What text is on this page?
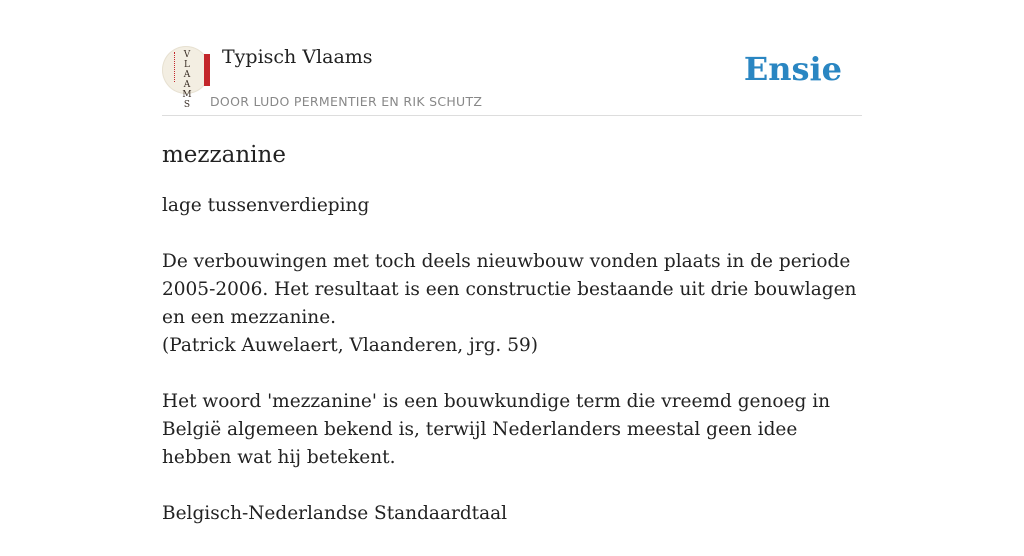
V
L
A
A
M
S
Typisch Vlaams
DOOR LUDO PERMENTIER EN RIK SCHUTZ
Ensie
mezzanine

lage tussenverdieping

De verbouwingen met toch deels nieuwbouw vonden plaats in de periode 2005-2006. Het resultaat is een constructie bestaande uit drie bouwlagen en een mezzanine.
(Patrick Auwelaert, Vlaanderen, jrg. 59)

Het woord 'mezzanine' is een bouwkundige term die vreemd genoeg in België algemeen bekend is, terwijl Nederlanders meestal geen idee hebben wat hij betekent.

Belgisch-Nederlandse Standaardtaal
